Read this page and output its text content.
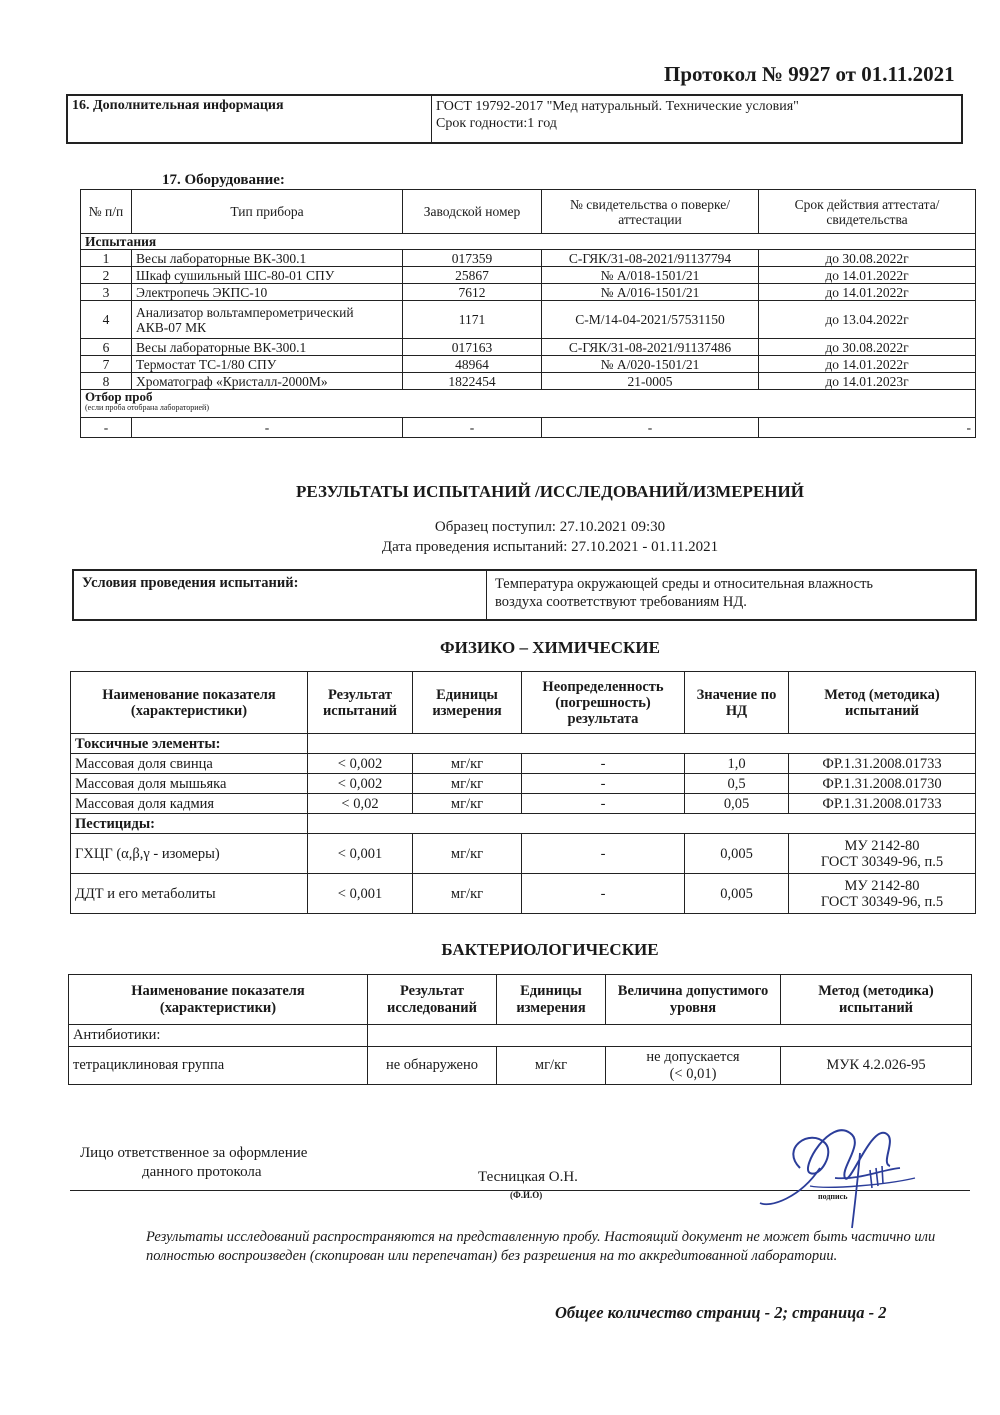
Протокол № 9927 от 01.11.2021
16. Дополнительная информация	ГОСТ 19792-2017 "Мед натуральный. Технические условия"
Срок годности:1 год
17. Оборудование:
№ п/п	Тип прибора	Заводской номер	№ свидетельства о поверке/аттестации	Срок действия аттестата/свидетельства
Испытания				
1	Весы лабораторные ВК-300.1	017359	С-ГЯК/31-08-2021/91137794	до 30.08.2022г
2	Шкаф сушильный ШС-80-01 СПУ	25867	№ А/018-1501/21	до 14.01.2022г
3	Электропечь ЭКПС-10	7612	№ А/016-1501/21	до 14.01.2022г
4	Анализатор вольтамперометрический АКВ-07 МК	1171	С-М/14-04-2021/57531150	до 13.04.2022г
6	Весы лабораторные ВК-300.1	017163	С-ГЯК/31-08-2021/91137486	до 30.08.2022г
7	Термостат ТС-1/80 СПУ	48964	№ А/020-1501/21	до 14.01.2022г
8	Хроматограф «Кристалл-2000М»	1822454	21-0005	до 14.01.2023г

Отбор проб
(если проба отобрана лабораторией)				

-	-	-	-	-
РЕЗУЛЬТАТЫ ИСПЫТАНИЙ /ИССЛЕДОВАНИЙ/ИЗМЕРЕНИЙ
Образец поступил: 27.10.2021 09:30
Дата проведения испытаний: 27.10.2021 - 01.11.2021
Условия проведения испытаний:	Температура окружающей среды и относительная влажность
воздуха соответствуют требованиям НД.
ФИЗИКО – ХИМИЧЕСКИЕ
Наименование показателя (характеристики)	Результат испытаний	Единицы измерения	Неопределенность (погрешность) результата	Значение по НД	Метод (методика) испытаний
Токсичные элементы:					
Массовая доля свинца	< 0,002	мг/кг	-	1,0	ФР.1.31.2008.01733
Массовая доля мышьяка	< 0,002	мг/кг	-	0,5	ФР.1.31.2008.01730
Массовая доля кадмия	< 0,02	мг/кг	-	0,05	ФР.1.31.2008.01733
Пестициды:					
ГХЦГ (α,β,γ - изомеры)	< 0,001	мг/кг	-	0,005	МУ 2142-80
ГОСТ 30349-96, п.5

ДДТ и его метаболиты	< 0,001	мг/кг	-	0,005	МУ 2142-80
ГОСТ 30349-96, п.5
БАКТЕРИОЛОГИЧЕСКИЕ
Наименование показателя (характеристики)	Результат исследований	Единицы измерения	Величина допустимого уровня	Метод (методика) испытаний
Антибиотики:				
тетрациклиновая группа	не обнаружено	мг/кг	не допускается
(< 0,01)	МУК 4.2.026-95
Лицо ответственное за оформление
данного протокола	Тесницкая О.Н.
(Ф.И.О)	подпись
Результаты исследований распространяются на представленную пробу. Настоящий документ не может быть частично или полностью воспроизведен (скопирован или перепечатан) без разрешения на то аккредитованной лаборатории.
Общее количество страниц - 2; страница - 2
